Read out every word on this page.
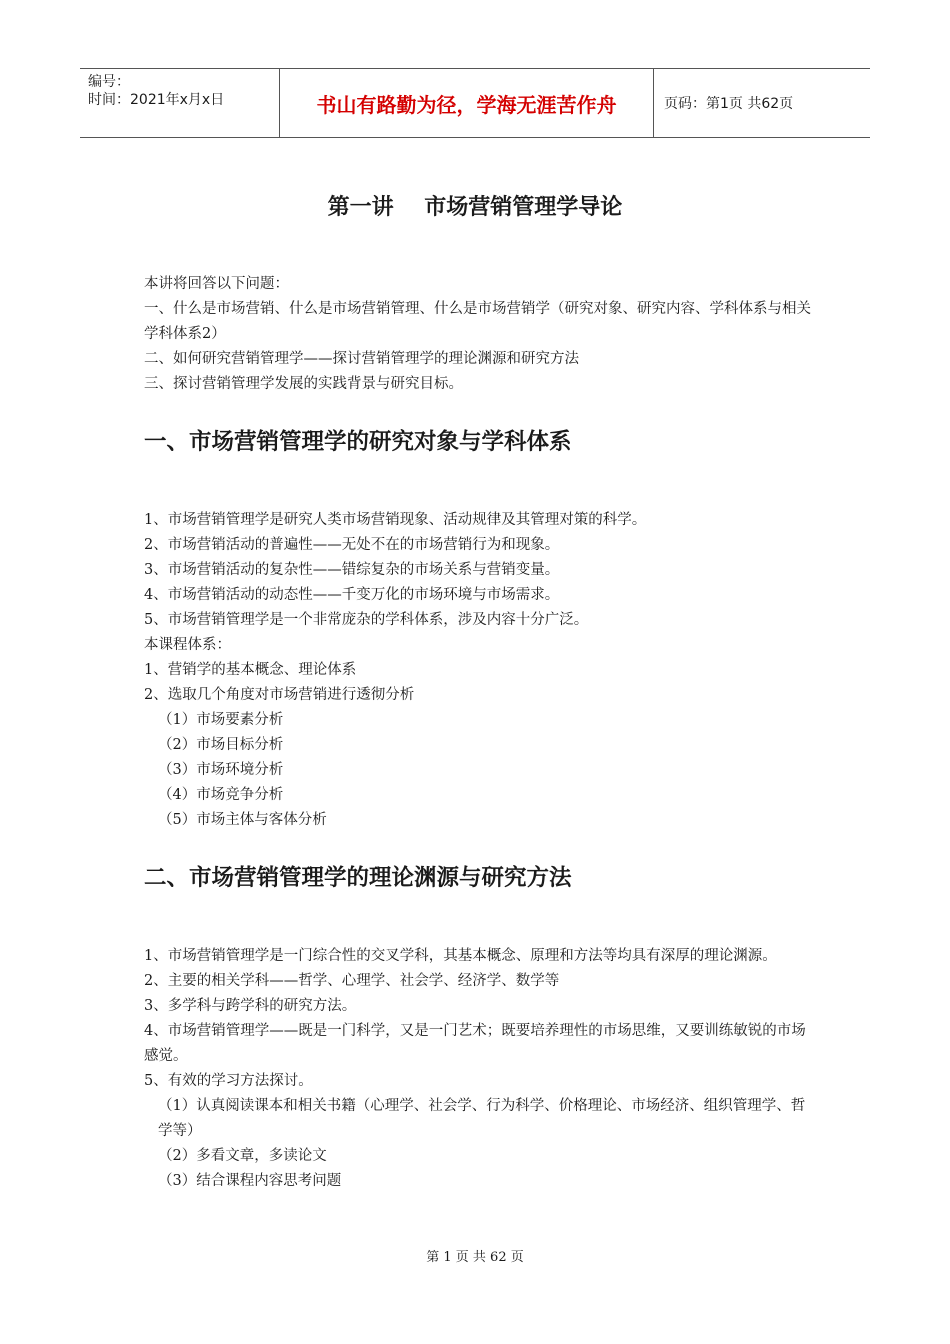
编号：
时间：2021年x月x日	书山有路勤为径，学海无涯苦作舟	页码：第1页 共62页
第一讲    市场营销管理学导论

本讲将回答以下问题：

一、什么是市场营销、什么是市场营销管理、什么是市场营销学（研究对象、研究内容、学科体系与相关学科体系2）

二、如何研究营销管理学——探讨营销管理学的理论渊源和研究方法

三、探讨营销管理学发展的实践背景与研究目标。

一、市场营销管理学的研究对象与学科体系

1、市场营销管理学是研究人类市场营销现象、活动规律及其管理对策的科学。

2、市场营销活动的普遍性——无处不在的市场营销行为和现象。

3、市场营销活动的复杂性——错综复杂的市场关系与营销变量。

4、市场营销活动的动态性——千变万化的市场环境与市场需求。

5、市场营销管理学是一个非常庞杂的学科体系，涉及内容十分广泛。

本课程体系：

1、营销学的基本概念、理论体系

2、选取几个角度对市场营销进行透彻分析

（1）市场要素分析

（2）市场目标分析

（3）市场环境分析

（4）市场竞争分析

（5）市场主体与客体分析

二、市场营销管理学的理论渊源与研究方法

1、市场营销管理学是一门综合性的交叉学科，其基本概念、原理和方法等均具有深厚的理论渊源。

2、主要的相关学科——哲学、心理学、社会学、经济学、数学等

3、多学科与跨学科的研究方法。

4、市场营销管理学——既是一门科学，又是一门艺术；既要培养理性的市场思维，又要训练敏锐的市场感觉。

5、有效的学习方法探讨。

（1）认真阅读课本和相关书籍（心理学、社会学、行为科学、价格理论、市场经济、组织管理学、哲学等）

（2）多看文章，多读论文

（3）结合课程内容思考问题

第 1 页 共 62 页
